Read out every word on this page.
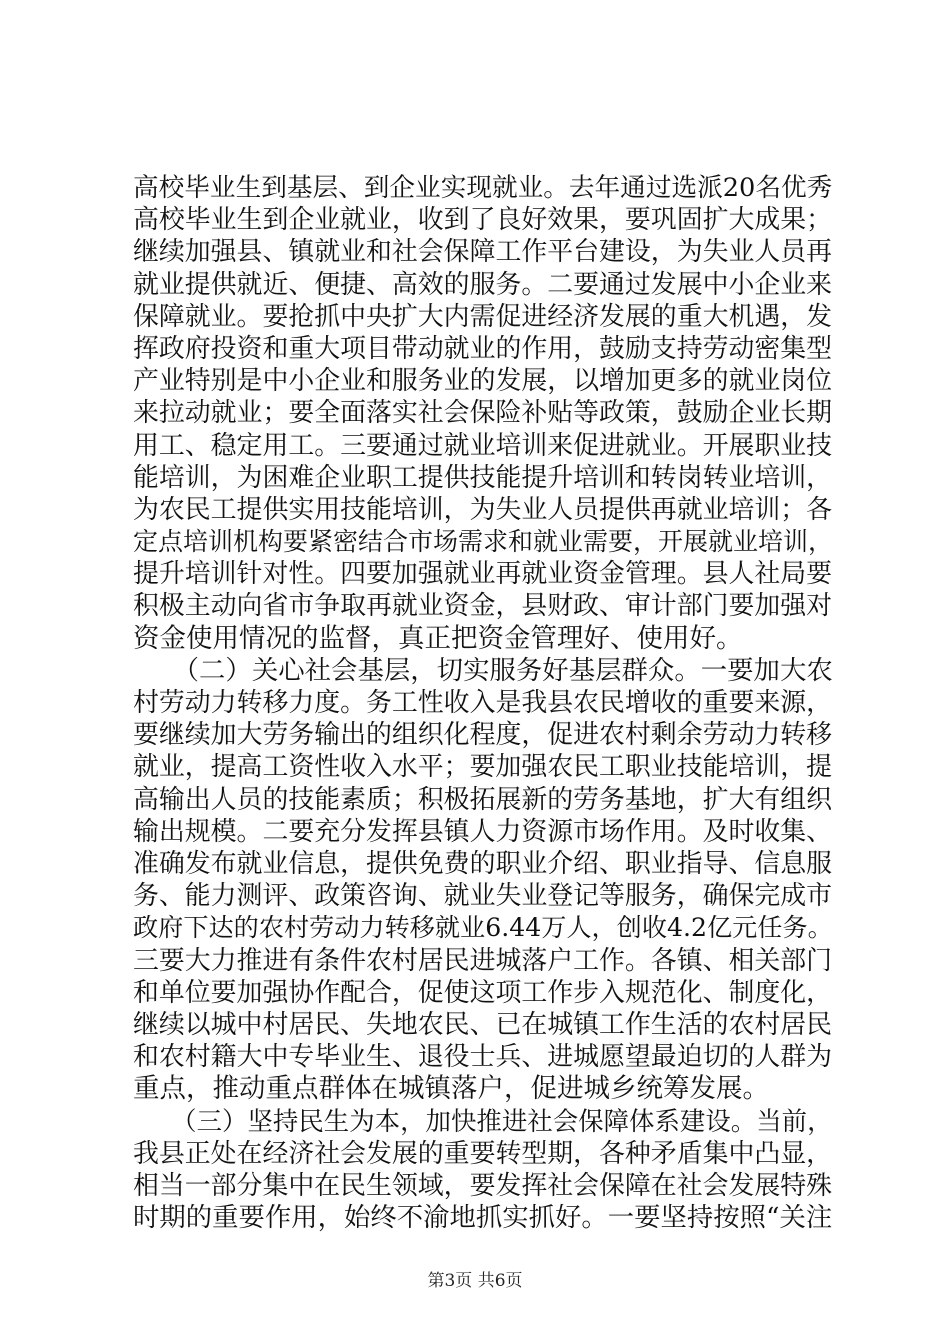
高校毕业生到基层、到企业实现就业。去年通过选派20名优秀
高校毕业生到企业就业，收到了良好效果，要巩固扩大成果；
继续加强县、镇就业和社会保障工作平台建设，为失业人员再
就业提供就近、便捷、高效的服务。二要通过发展中小企业来
保障就业。要抢抓中央扩大内需促进经济发展的重大机遇，发
挥政府投资和重大项目带动就业的作用，鼓励支持劳动密集型
产业特别是中小企业和服务业的发展，以增加更多的就业岗位
来拉动就业；要全面落实社会保险补贴等政策，鼓励企业长期
用工、稳定用工。三要通过就业培训来促进就业。开展职业技
能培训，为困难企业职工提供技能提升培训和转岗转业培训，
为农民工提供实用技能培训，为失业人员提供再就业培训；各
定点培训机构要紧密结合市场需求和就业需要，开展就业培训，
提升培训针对性。四要加强就业再就业资金管理。县人社局要
积极主动向省市争取再就业资金，县财政、审计部门要加强对
资金使用情况的监督，真正把资金管理好、使用好。
　　（二）关心社会基层，切实服务好基层群众。一要加大农
村劳动力转移力度。务工性收入是我县农民增收的重要来源，
要继续加大劳务输出的组织化程度，促进农村剩余劳动力转移
就业，提高工资性收入水平；要加强农民工职业技能培训，提
高输出人员的技能素质；积极拓展新的劳务基地，扩大有组织
输出规模。二要充分发挥县镇人力资源市场作用。及时收集、
准确发布就业信息，提供免费的职业介绍、职业指导、信息服
务、能力测评、政策咨询、就业失业登记等服务，确保完成市
政府下达的农村劳动力转移就业6.44万人，创收4.2亿元任务。
三要大力推进有条件农村居民进城落户工作。各镇、相关部门
和单位要加强协作配合，促使这项工作步入规范化、制度化，
继续以城中村居民、失地农民、已在城镇工作生活的农村居民
和农村籍大中专毕业生、退役士兵、进城愿望最迫切的人群为
重点，推动重点群体在城镇落户，促进城乡统筹发展。
　　（三）坚持民生为本，加快推进社会保障体系建设。当前，
我县正处在经济社会发展的重要转型期，各种矛盾集中凸显，
相当一部分集中在民生领域，要发挥社会保障在社会发展特殊
时期的重要作用，始终不渝地抓实抓好。一要坚持按照“关注
第3页 共6页
